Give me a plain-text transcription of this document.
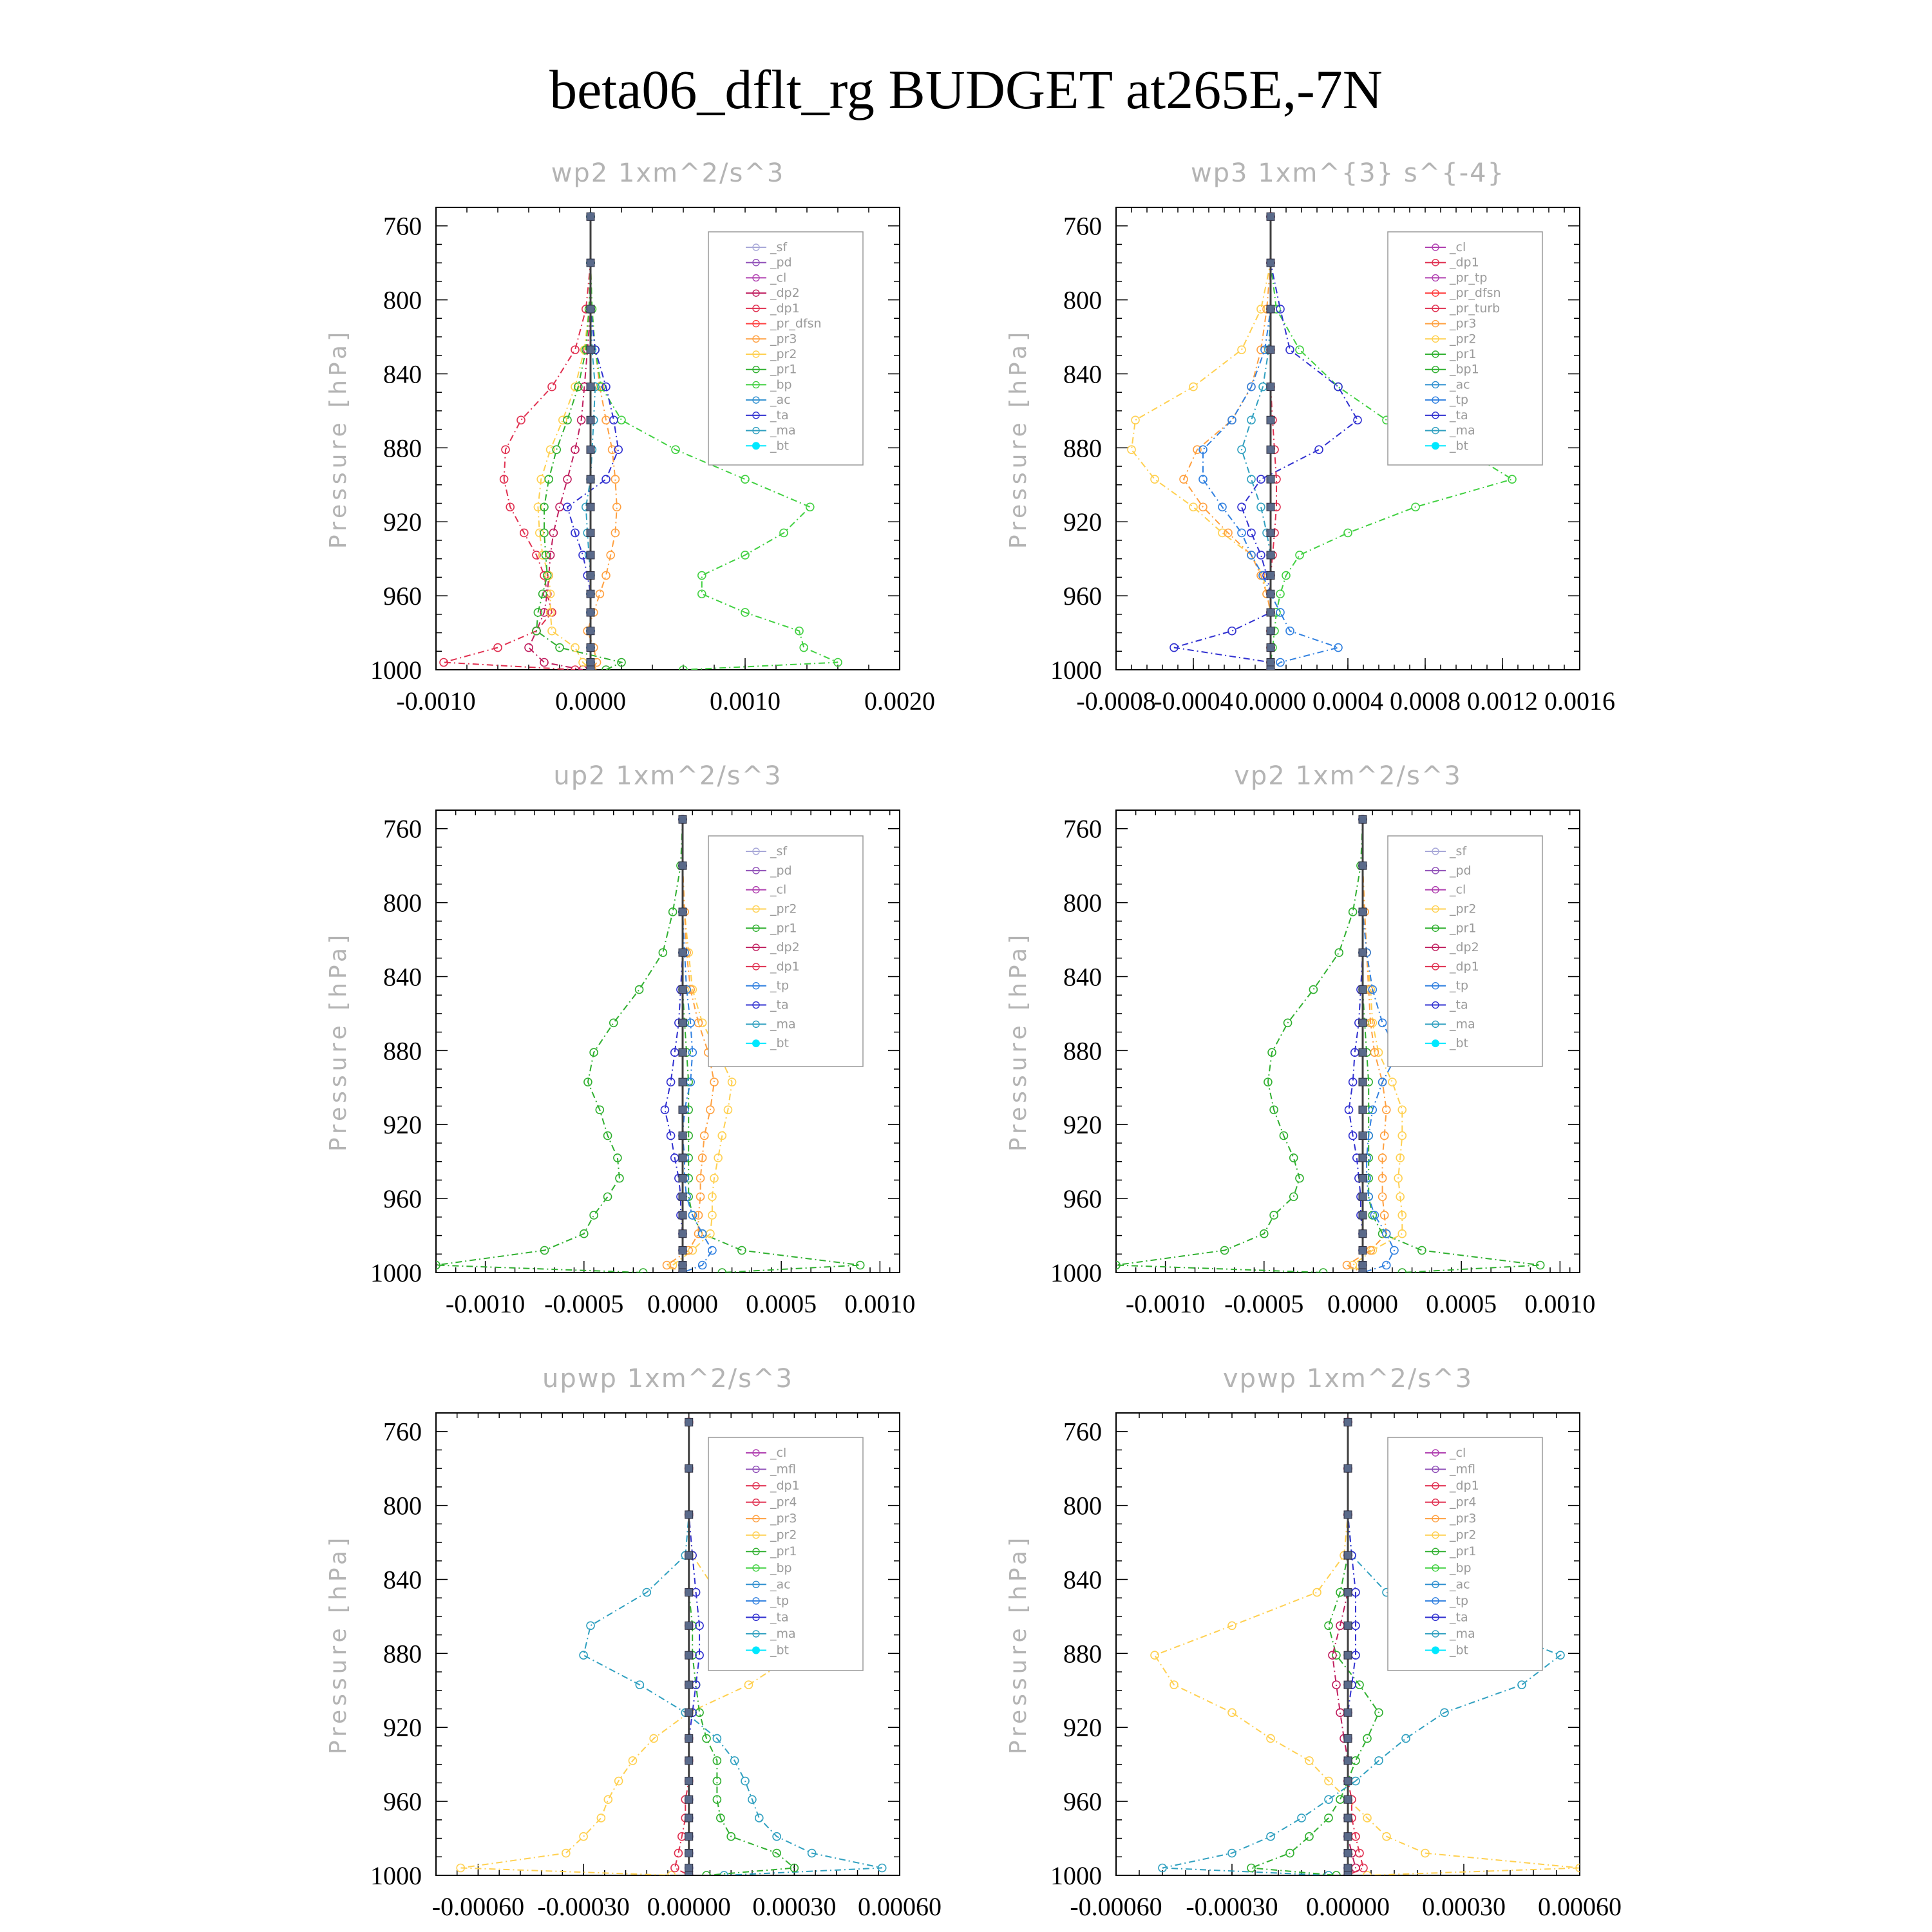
beta06_dflt_rg BUDGET at265E,-7N
wp2 1xm^2/s^3
Pressure [hPa]
760
800
840
880
920
960
1000
-0.0010	0.0000	0.0010	0.0020
_sf
_pd
_cl
_dp2
_dp1
_pr_dfsn
_pr3
_pr2
_pr1
_bp
_ac
_ta
_ma
_bt
wp3 1xm^{3} s^{-4}
Pressure [hPa]
760
800
840
880
920
960
1000
-0.0008
-0.0004 0.0000 0.0004 0.0008 0.0012 0.0016
_cl
_dp1
_pr_tp
_pr_dfsn
_pr_turb
_pr3
_pr2
_pr1
_bp1
_ac
_tp
_ta
_ma
_bt
up2 1xm^2/s^3
Pressure [hPa]
760
800
840
880
920
960
1000
-0.0010 -0.0005 0.0000 0.0005 0.0010
_sf
_pd
_cl
_pr2
_pr1
_dp2
_dp1
_tp
_ta
_ma
_bt
vp2 1xm^2/s^3
Pressure [hPa]
760
800
840
880
920
960
1000
-0.0010 -0.0005 0.0000 0.0005 0.0010
_sf
_pd
_cl
_pr2
_pr1
_dp2
_dp1
_tp
_ta
_ma
_bt
upwp 1xm^2/s^3
Pressure [hPa]
760
800
840
880
920
960
1000
-0.00060 -0.00030 0.00000 0.00030 0.00060
_cl
_mfl
_dp1
_pr4
_pr3
_pr2
_pr1
_bp
_ac
_tp
_ta
_ma
_bt
vpwp 1xm^2/s^3
Pressure [hPa]
760
800
840
880
920
960
1000
-0.00060 -0.00030 0.00000 0.00030 0.00060
_cl
_mfl
_dp1
_pr4
_pr3
_pr2
_pr1
_bp
_ac
_tp
_ta
_ma
_bt
